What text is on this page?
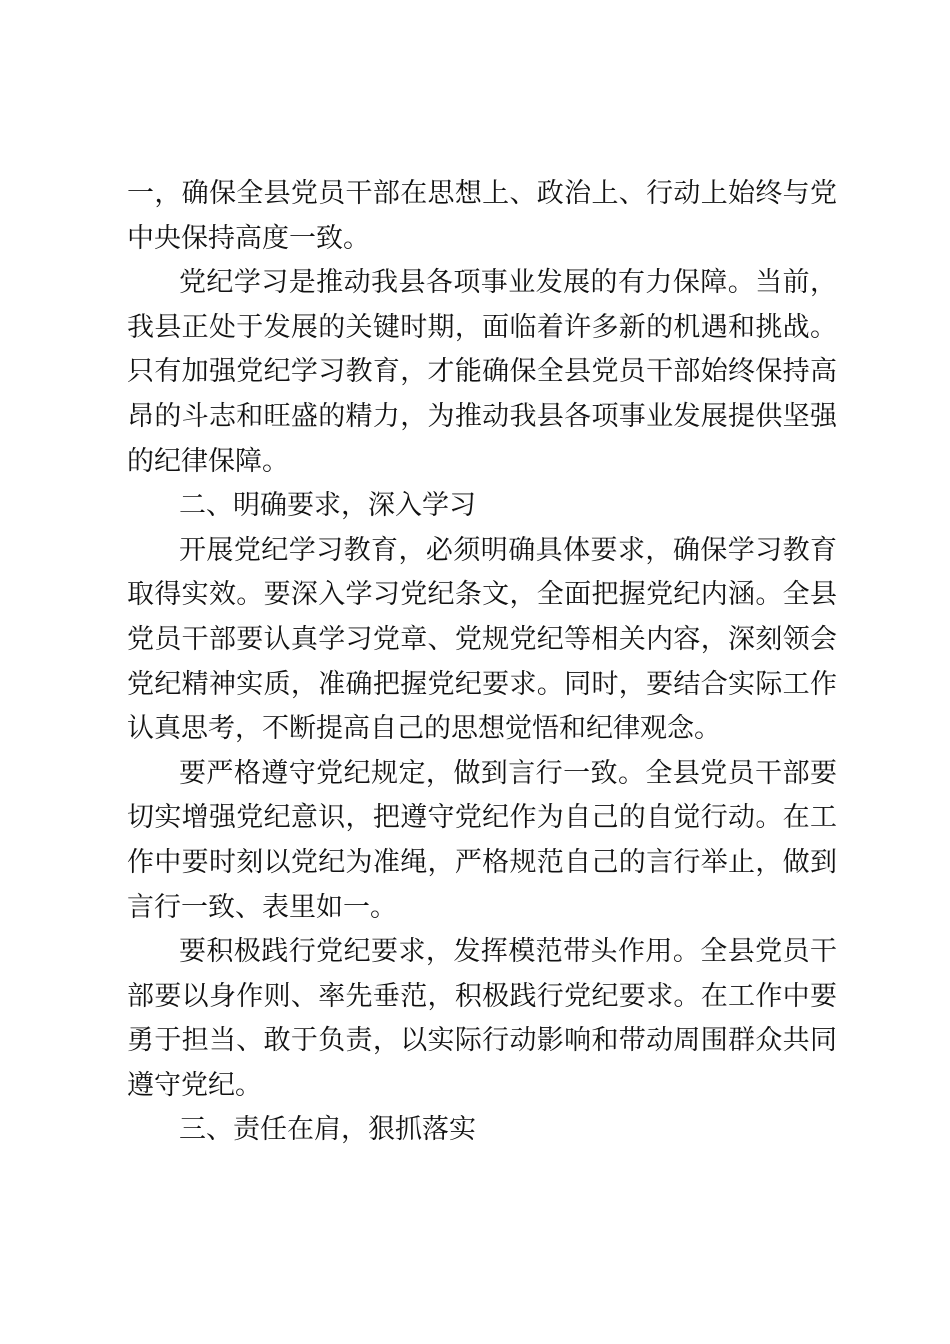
一，确保全县党员干部在思想上、政治上、行动上始终与党中央保持高度一致。

党纪学习是推动我县各项事业发展的有力保障。当前，我县正处于发展的关键时期，面临着许多新的机遇和挑战。只有加强党纪学习教育，才能确保全县党员干部始终保持高昂的斗志和旺盛的精力，为推动我县各项事业发展提供坚强的纪律保障。

二、明确要求，深入学习

开展党纪学习教育，必须明确具体要求，确保学习教育取得实效。要深入学习党纪条文，全面把握党纪内涵。全县党员干部要认真学习党章、党规党纪等相关内容，深刻领会党纪精神实质，准确把握党纪要求。同时，要结合实际工作认真思考，不断提高自己的思想觉悟和纪律观念。

要严格遵守党纪规定，做到言行一致。全县党员干部要切实增强党纪意识，把遵守党纪作为自己的自觉行动。在工作中要时刻以党纪为准绳，严格规范自己的言行举止，做到言行一致、表里如一。

要积极践行党纪要求，发挥模范带头作用。全县党员干部要以身作则、率先垂范，积极践行党纪要求。在工作中要勇于担当、敢于负责，以实际行动影响和带动周围群众共同遵守党纪。

三、责任在肩，狠抓落实
